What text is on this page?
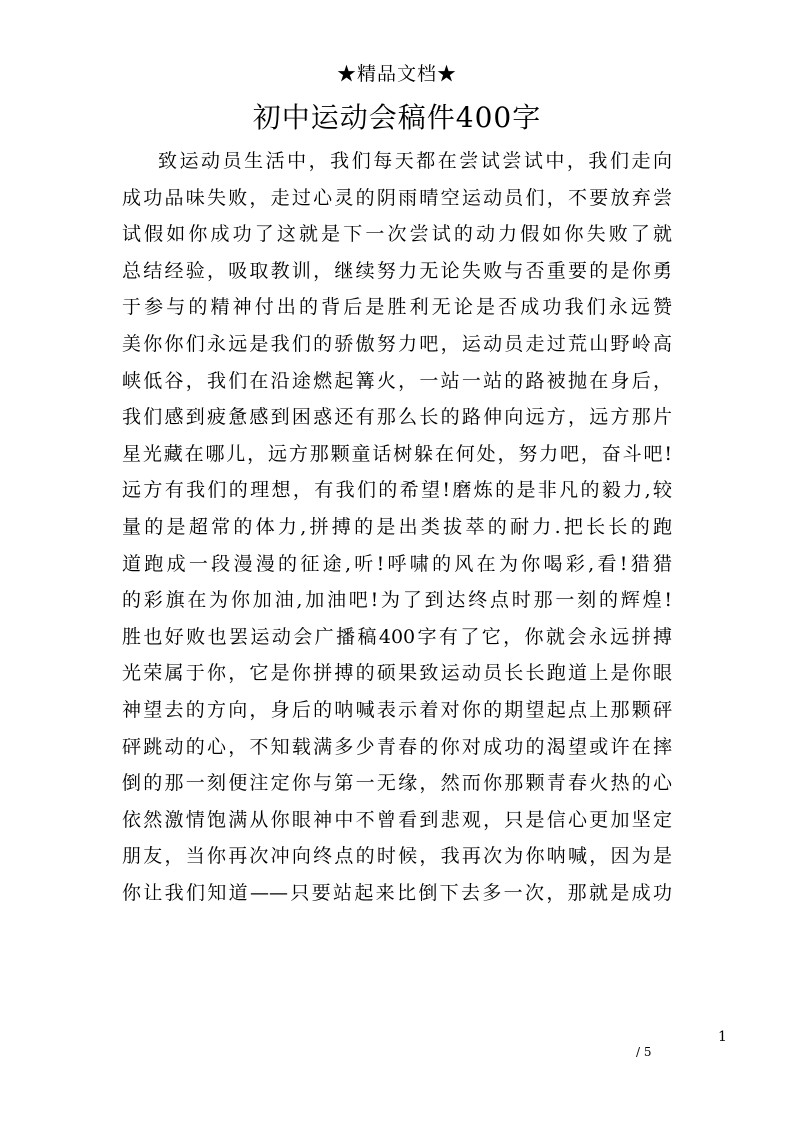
★精品文档★
初中运动会稿件400字
致运动员生活中，我们每天都在尝试尝试中，我们走向
成功品味失败，走过心灵的阴雨晴空运动员们，不要放弃尝
试假如你成功了这就是下一次尝试的动力假如你失败了就
总结经验，吸取教训，继续努力无论失败与否重要的是你勇
于参与的精神付出的背后是胜利无论是否成功我们永远赞
美你你们永远是我们的骄傲努力吧，运动员走过荒山野岭高
峡低谷，我们在沿途燃起篝火，一站一站的路被抛在身后，
我们感到疲惫感到困惑还有那么长的路伸向远方，远方那片
星光藏在哪儿，远方那颗童话树躲在何处，努力吧，奋斗吧!
远方有我们的理想，有我们的希望!磨炼的是非凡的毅力,较
量的是超常的体力,拼搏的是出类拔萃的耐力.把长长的跑
道跑成一段漫漫的征途,听!呼啸的风在为你喝彩,看!猎猎
的彩旗在为你加油,加油吧!为了到达终点时那一刻的辉煌!
胜也好败也罢运动会广播稿400字有了它，你就会永远拼搏
光荣属于你，它是你拼搏的硕果致运动员长长跑道上是你眼
神望去的方向，身后的呐喊表示着对你的期望起点上那颗砰
砰跳动的心，不知载满多少青春的你对成功的渴望或许在摔
倒的那一刻便注定你与第一无缘，然而你那颗青春火热的心
依然激情饱满从你眼神中不曾看到悲观，只是信心更加坚定
朋友，当你再次冲向终点的时候，我再次为你呐喊，因为是
你让我们知道——只要站起来比倒下去多一次，那就是成功
1
/ 5
